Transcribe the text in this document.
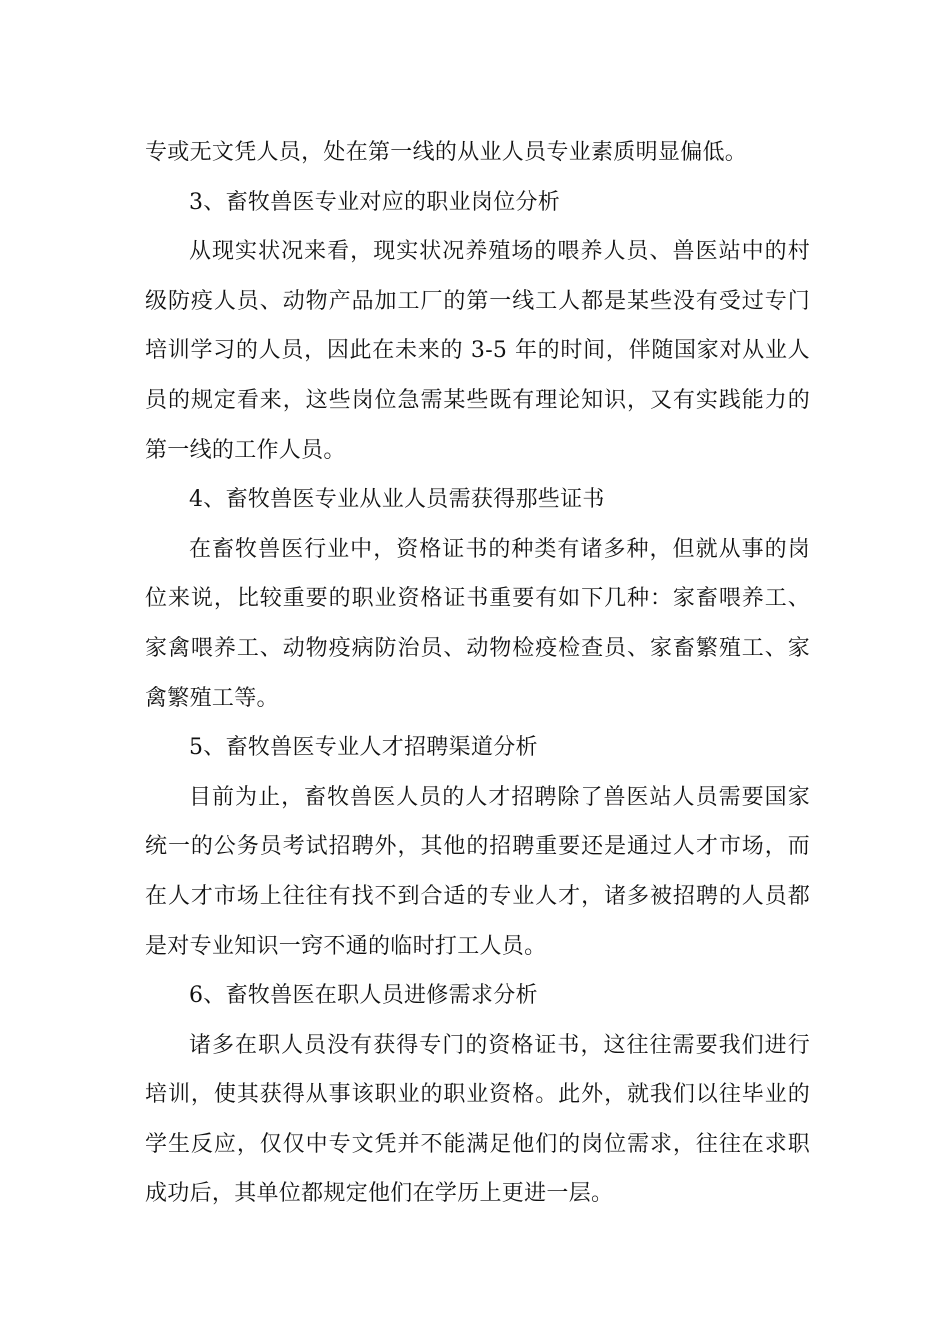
专或无文凭人员，处在第一线的从业人员专业素质明显偏低。

3、畜牧兽医专业对应的职业岗位分析

从现实状况来看，现实状况养殖场的喂养人员、兽医站中的村级防疫人员、动物产品加工厂的第一线工人都是某些没有受过专门培训学习的人员，因此在未来的 3-5 年的时间，伴随国家对从业人员的规定看来，这些岗位急需某些既有理论知识，又有实践能力的第一线的工作人员。

4、畜牧兽医专业从业人员需获得那些证书

在畜牧兽医行业中，资格证书的种类有诸多种，但就从事的岗位来说，比较重要的职业资格证书重要有如下几种：家畜喂养工、家禽喂养工、动物疫病防治员、动物检疫检查员、家畜繁殖工、家禽繁殖工等。

5、畜牧兽医专业人才招聘渠道分析

目前为止，畜牧兽医人员的人才招聘除了兽医站人员需要国家统一的公务员考试招聘外，其他的招聘重要还是通过人才市场，而在人才市场上往往有找不到合适的专业人才，诸多被招聘的人员都是对专业知识一窍不通的临时打工人员。

6、畜牧兽医在职人员进修需求分析

诸多在职人员没有获得专门的资格证书，这往往需要我们进行培训，使其获得从事该职业的职业资格。此外，就我们以往毕业的学生反应，仅仅中专文凭并不能满足他们的岗位需求，往往在求职成功后，其单位都规定他们在学历上更进一层。
